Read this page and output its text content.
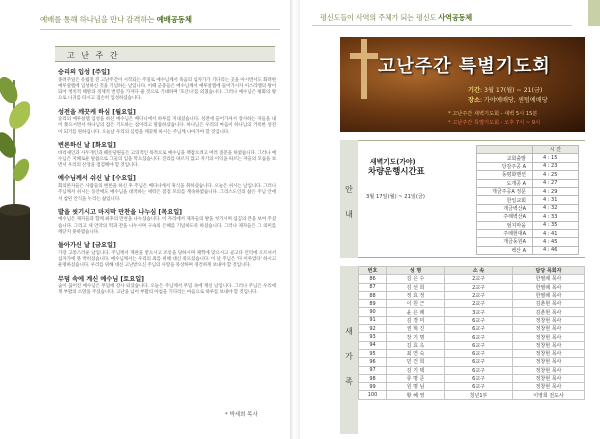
예배를 통해 하나님을 만나 감격하는 예배공동체
고 난 주 간
승리의 입성 [주일]

종려주일은 유월절 전 고난주간이 시작되는 주일로 예수님께서 죽음의 십자가가 기다리는 곳을 아시면서도 화려한 예루살렘에 입성하신 것을 기념하는 날입니다. 이때 군중들은 예수님께서 예루살렘에 들어가시자 이스라엘의 왕이 되어 정치적 해방과 경제적 번영을 가져다 줄 것으로 기대하며 '호산나'를 외쳤습니다. 그러나 예수님은 평화의 왕으로 나귀를 타시고 겸손히 입성하셨습니다.

성전을 깨끗케 하심 [월요일]

승리의 예루살렘 입성을 하신 예수님은 베다니에서 하루를 지내셨습니다. 성전에 들어가셔서 장사하는 자들을 내어 쫓으시면서 하나님의 집은 기도하는 집이라고 말씀하셨습니다. 하나님은 우리의 마음이 하나님의 거룩한 성전이 되기를 원하십니다. 오늘날 우리의 심령을 깨끗케 하시는 주님께 나아가야 할 것입니다.

변론하신 날 [화요일]

바리새인과 사두개인과 헤롯당원들은 고의적인 목적으로 예수님을 책잡으려고 여러 질문을 하였습니다. 그러나 예수님은 지혜로운 말씀으로 그들의 입을 막으셨습니다. 진리를 따르지 않고 자기의 이익을 따르는 자들의 모습을 보면서 우리의 신앙을 점검해야 할 것입니다.

예수님께서 쉬신 날 [수요일]

회의론자들은 사람들의 변론을 하신 후 주님은 베다니에서 휴식을 취하셨습니다. 오늘은 쉬시는 날입니다. 그러나 주님께서 쉬시는 동안에도 예수님을 대적하는 세력은 점점 모의를 계속하였습니다. 그리스도인의 삶은 주님 안에서 참된 안식을 누리는 삶입니다.

발을 씻기시고 마지막 만찬을 나누심 [목요일]

예수님은 제자들과 함께 최후의 만찬을 나누셨습니다. 이 자리에서 제자들의 발을 씻기시며 섬김의 본을 보여 주셨습니다. 그리고 새 언약의 떡과 잔을 나누시며 구속의 은혜를 기념하도록 하셨습니다. 그러나 제자들은 그 의미를 깨닫지 못하였습니다.

돌아가신 날 [금요일]

가장 고통스러운 날입니다. 주님께서 재판을 받으시고 조롱을 당하시며 채찍에 맞으시고 골고다 언덕에 오르셔서 십자가에 못 박히셨습니다. 예수님께서는 우리의 죄를 위해 대신 죽으셨습니다. 이 날 주님은 '다 이루었다' 하시고 운명하셨습니다. 우리를 위해 대신 고난받으신 주님의 사랑을 묵상하며 경건하게 보내야 할 것입니다.

무덤 속에 계신 예수님 [토요일]

숨이 끊어진 예수님은 무덤에 장사 되셨습니다. 오늘은 주님께서 무덤 속에 계신 날입니다. 그러나 주님은 우리에게 부활의 소망을 주셨습니다. 고난을 넘어 부활의 아침을 기다리는 마음으로 하루를 보내야 할 것입니다.

* 박세희 목사
평신도들이 사역의 주체가 되는 평신도 사역공동체
고난주간 특별기도회
기간: 3월 17(월) ~ 21(금)
장소: 가야예배당, 센텀예배당
* 고난주간 새벽기도회 - 새벽 5시 15분
* 고난주간 특별기도회 - 오후 7시 ~ 9시
안
내
새벽기도(가야)
차량운행시간표
3월 17일(월) ~ 21일(금)
	시 간
교회출발	4 : 15
당감주공 A	4 : 23
동평화맨션	4 : 25
도개공 A	4 : 27
개금주공A 정문	4 : 29
한일교회	4 : 31
개금벽산A	4 : 32
주례벽산A	4 : 33
엄지마을	4 : 35
주례현대A	4 : 41
개금동원A	4 : 45
백산 A	4 : 46
새
가
족
번호	성 명	소 속	담당 목회자
86	김 은 수	2교구	한필례 목사
87	김 선 희	2교구	한필례 목사
88	정 효 정	2교구	한필례 목사
89	이 원 근	2교구	김춘현 목사
90	윤 은 례	3교구	김춘현 목사
91	김 경 미	6교구	정창현 목사
92	권 혁 진	6교구	정창현 목사
93	장 기 명	6교구	정창현 목사
94	김 효 옥	6교구	정창현 목사
95	최 연 숙	6교구	정창현 목사
96	민 건 희	6교구	정창현 목사
97	김 기 택	6교구	정창현 목사
98	류 명 준	6교구	정창현 목사
99	원 명 님	6교구	정창현 목사
100	황 혜 영	청년1부	이영희 전도사
